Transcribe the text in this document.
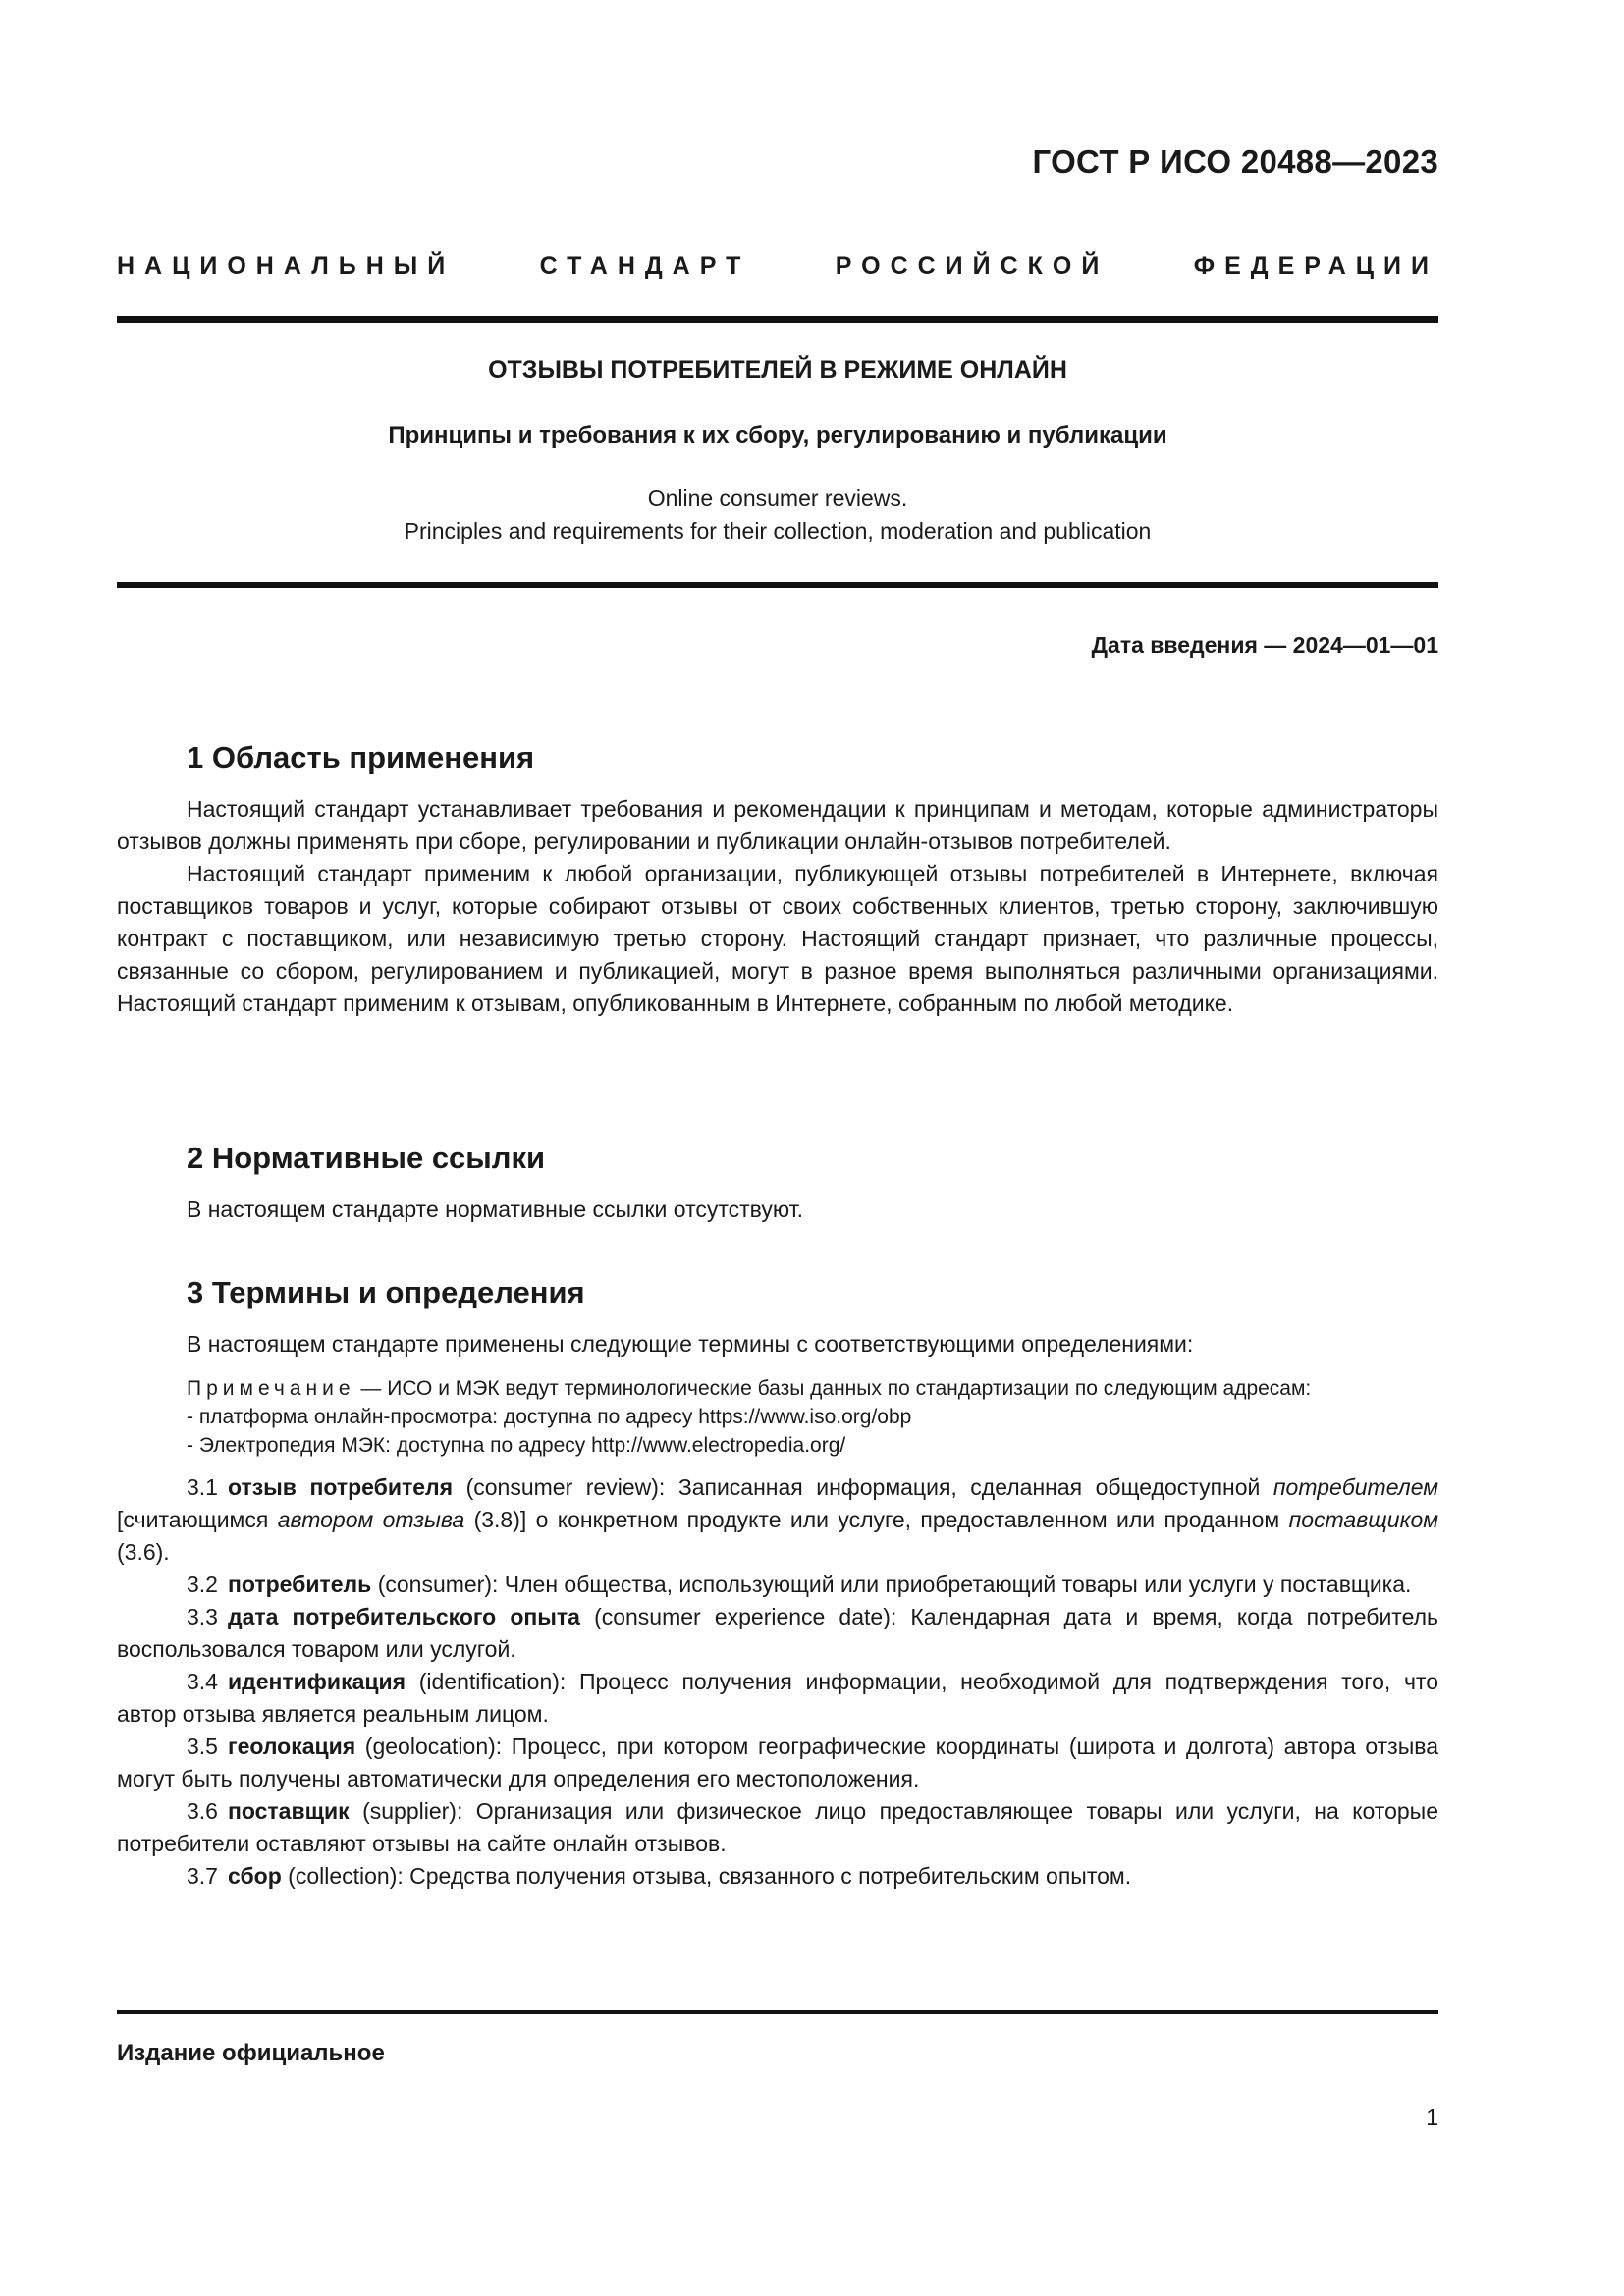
ГОСТ Р ИСО 20488—2023
НАЦИОНАЛЬНЫЙ СТАНДАРТ РОССИЙСКОЙ ФЕДЕРАЦИИ
ОТЗЫВЫ ПОТРЕБИТЕЛЕЙ В РЕЖИМЕ ОНЛАЙН
Принципы и требования к их сбору, регулированию и публикации
Online consumer reviews.
Principles and requirements for their collection, moderation and publication
Дата введения — 2024—01—01
1 Область применения
Настоящий стандарт устанавливает требования и рекомендации к принципам и методам, которые администраторы отзывов должны применять при сборе, регулировании и публикации онлайн-отзывов потребителей.
Настоящий стандарт применим к любой организации, публикующей отзывы потребителей в Интернете, включая поставщиков товаров и услуг, которые собирают отзывы от своих собственных клиентов, третью сторону, заключившую контракт с поставщиком, или независимую третью сторону. Настоящий стандарт признает, что различные процессы, связанные со сбором, регулированием и публикацией, могут в разное время выполняться различными организациями. Настоящий стандарт применим к отзывам, опубликованным в Интернете, собранным по любой методике.
2 Нормативные ссылки
В настоящем стандарте нормативные ссылки отсутствуют.
3 Термины и определения
В настоящем стандарте применены следующие термины с соответствующими определениями:
Примечание — ИСО и МЭК ведут терминологические базы данных по стандартизации по следующим адресам:
- платформа онлайн-просмотра: доступна по адресу https://www.iso.org/obp
- Электропедия МЭК: доступна по адресу http://www.electropedia.org/
3.1 отзыв потребителя (consumer review): Записанная информация, сделанная общедоступной потребителем [считающимся автором отзыва (3.8)] о конкретном продукте или услуге, предоставленном или проданном поставщиком (3.6).
3.2 потребитель (consumer): Член общества, использующий или приобретающий товары или услуги у поставщика.
3.3 дата потребительского опыта (consumer experience date): Календарная дата и время, когда потребитель воспользовался товаром или услугой.
3.4 идентификация (identification): Процесс получения информации, необходимой для подтверждения того, что автор отзыва является реальным лицом.
3.5 геолокация (geolocation): Процесс, при котором географические координаты (широта и долгота) автора отзыва могут быть получены автоматически для определения его местоположения.
3.6 поставщик (supplier): Организация или физическое лицо предоставляющее товары или услуги, на которые потребители оставляют отзывы на сайте онлайн отзывов.
3.7 сбор (collection): Средства получения отзыва, связанного с потребительским опытом.
Издание официальное
1
